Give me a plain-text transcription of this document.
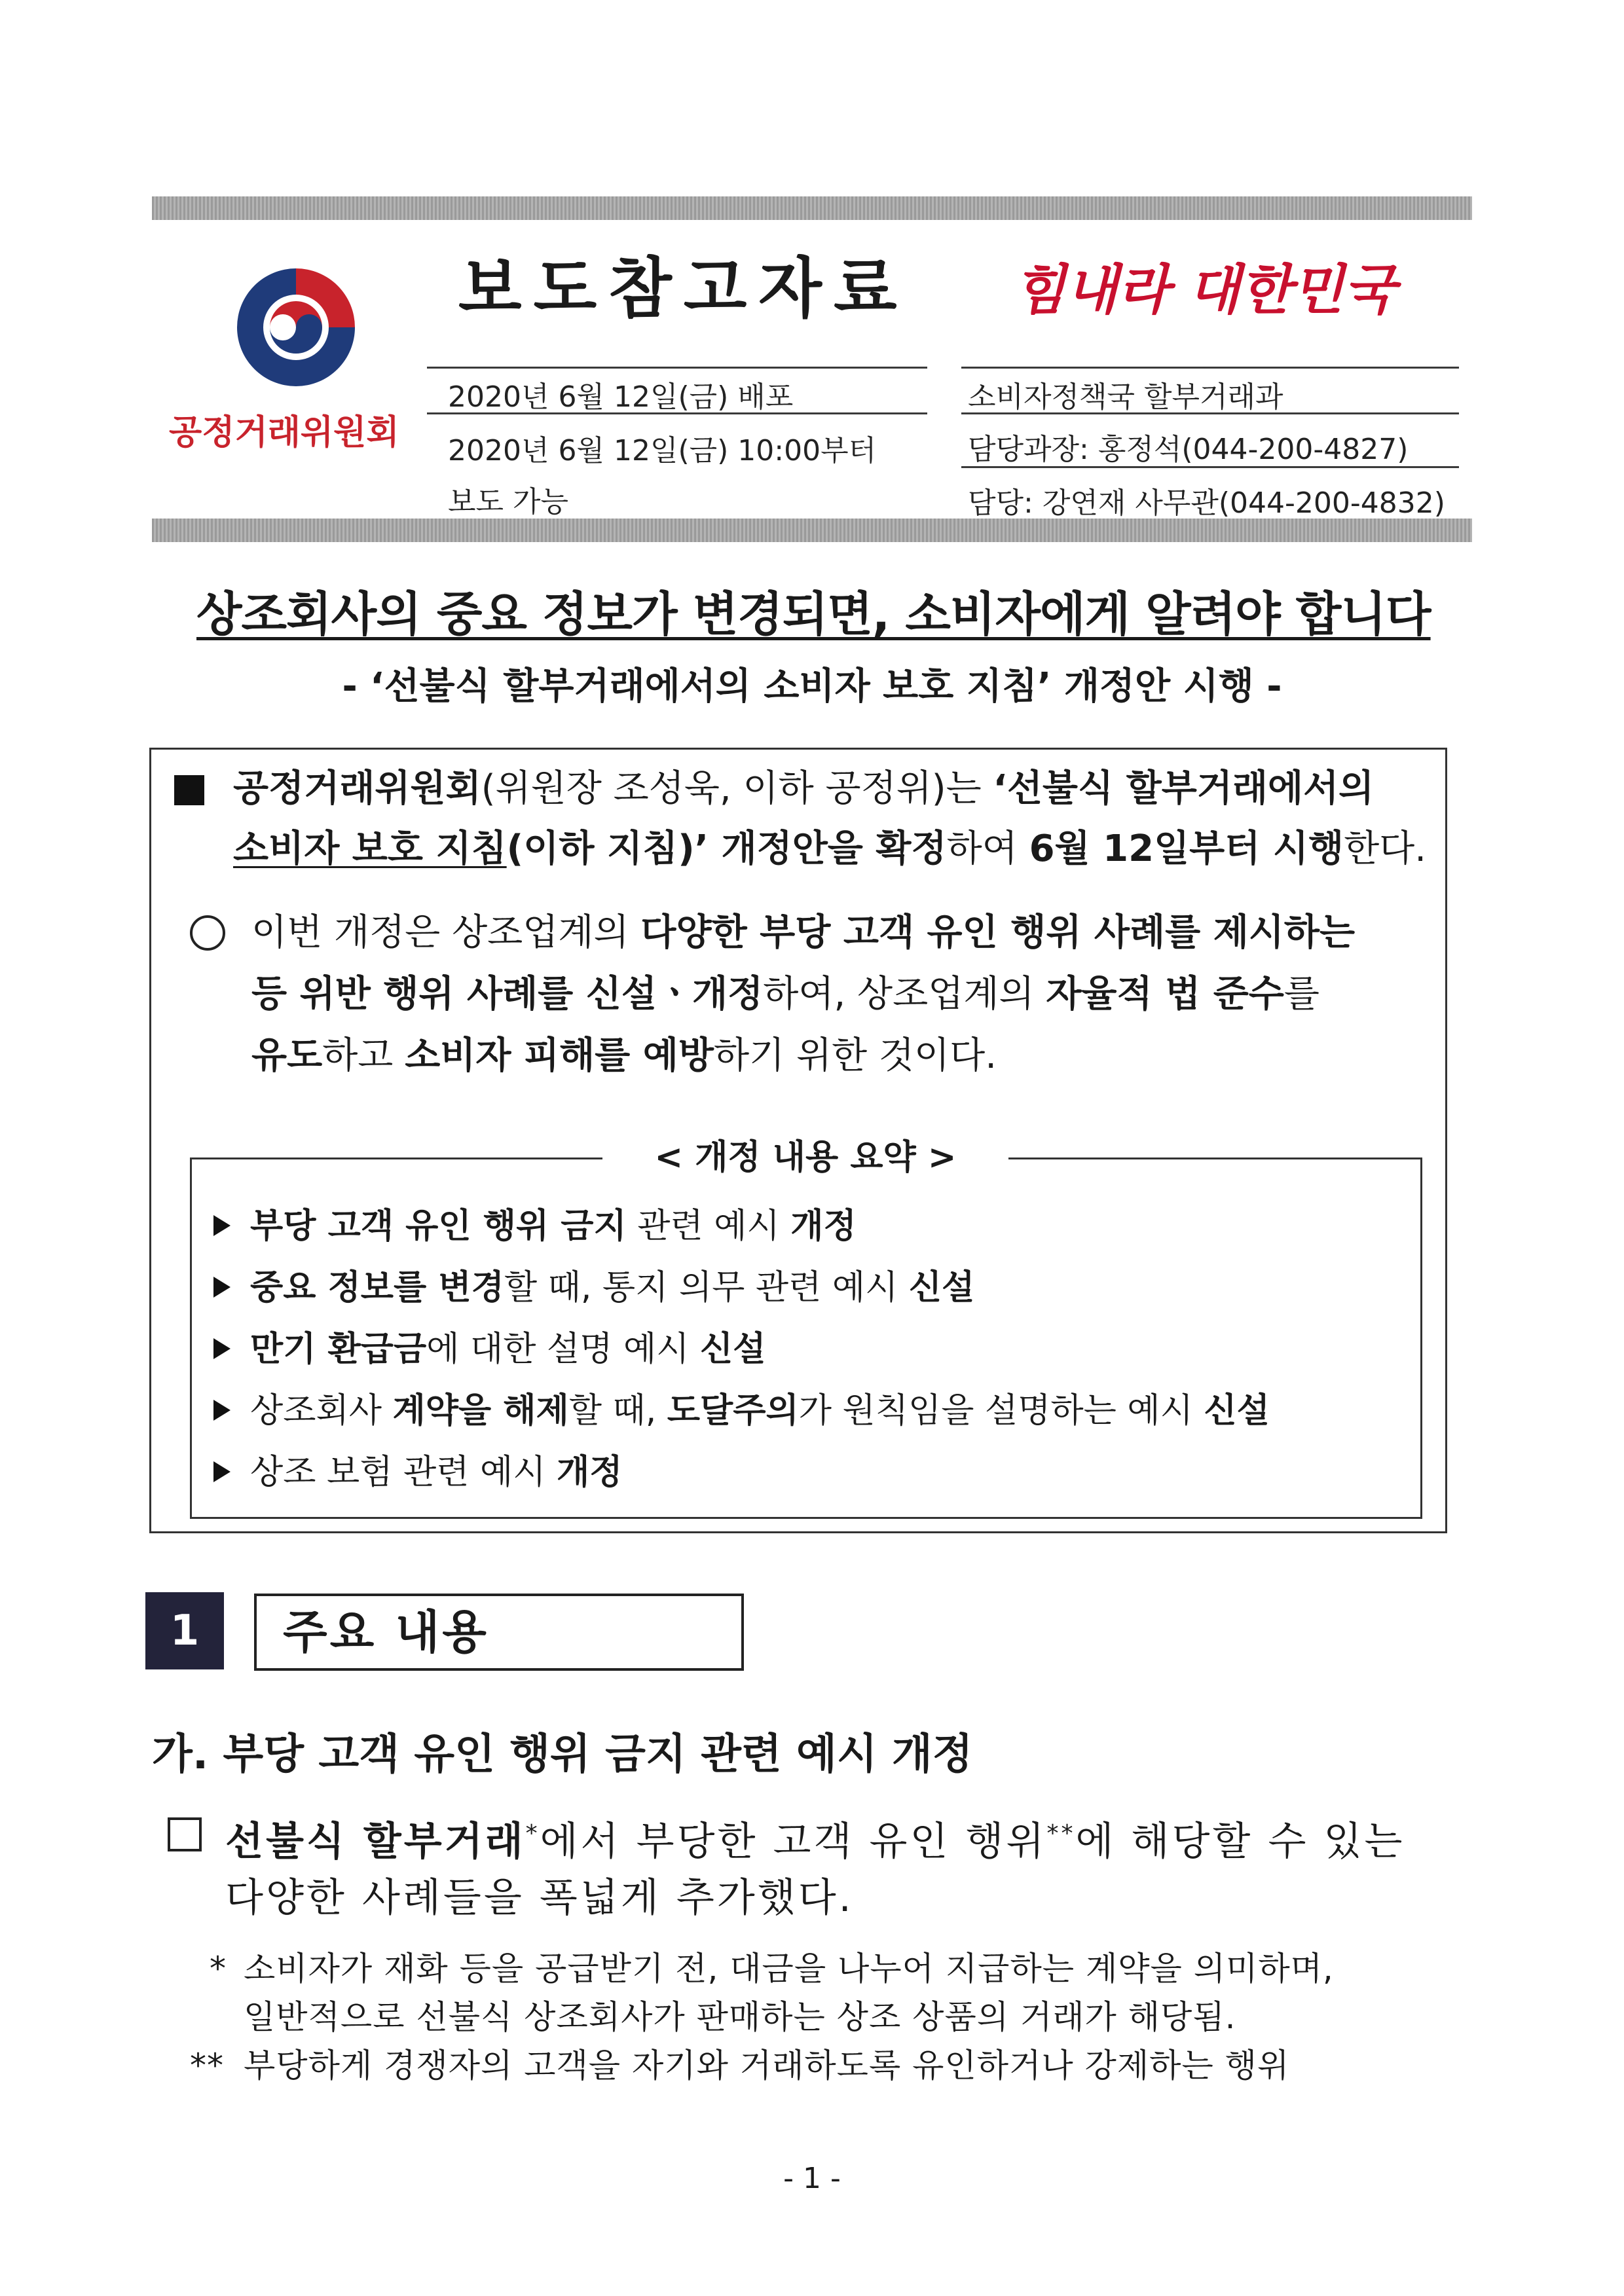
공정거래위원회
보도참고자료 힘내라 대한민국
2020년 6월 12일(금) 배포
2020년 6월 12일(금) 10:00부터
보도 가능
소비자정책국 할부거래과
담당과장: 홍정석(044-200-4827)
담당: 강연재 사무관(044-200-4832)
상조회사의 중요 정보가 변경되면, 소비자에게 알려야 합니다
- ‘선불식 할부거래에서의 소비자 보호 지침’ 개정안 시행 -
공정거래위원회(위원장 조성욱, 이하 공정위)는 ‘선불식 할부거래에서의
소비자 보호 지침(이하 지침)’ 개정안을 확정하여 6월 12일부터 시행한다.
이번 개정은 상조업계의 다양한 부당 고객 유인 행위 사례를 제시하는
등 위반 행위 사례를 신설ㆍ개정하여, 상조업계의 자율적 법 준수를
유도하고 소비자 피해를 예방하기 위한 것이다.
< 개정 내용 요약 >
부당 고객 유인 행위 금지 관련 예시 개정
중요 정보를 변경할 때, 통지 의무 관련 예시 신설
만기 환급금에 대한 설명 예시 신설
상조회사 계약을 해제할 때, 도달주의가 원칙임을 설명하는 예시 신설
상조 보험 관련 예시 개정
1	주요 내용
가. 부당 고객 유인 행위 금지 관련 예시 개정
선불식 할부거래*에서 부당한 고객 유인 행위**에 해당할 수 있는
다양한 사례들을 폭넓게 추가했다.
* 소비자가 재화 등을 공급받기 전, 대금을 나누어 지급하는 계약을 의미하며,
일반적으로 선불식 상조회사가 판매하는 상조 상품의 거래가 해당됨.
** 부당하게 경쟁자의 고객을 자기와 거래하도록 유인하거나 강제하는 행위
- 1 -
